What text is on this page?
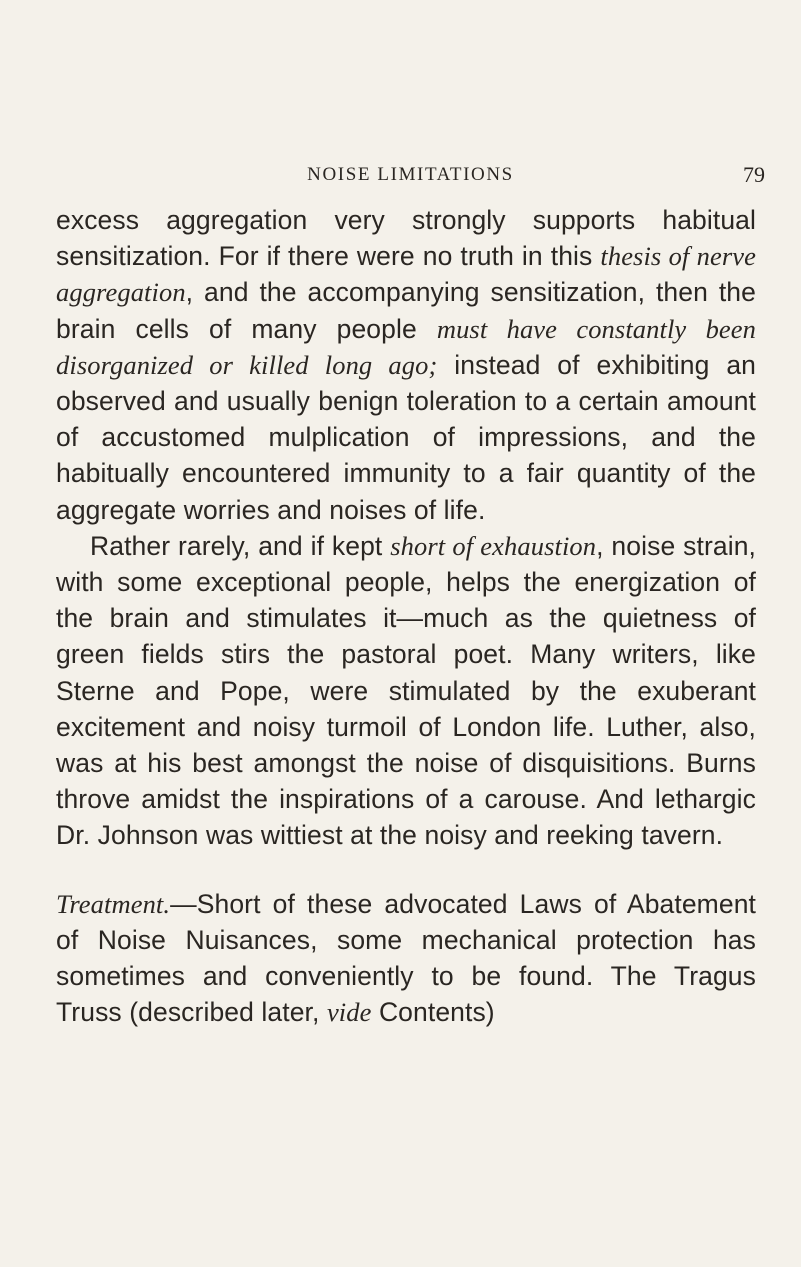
NOISE LIMITATIONS	79

excess aggregation very strongly supports habitual sensitization. For if there were no truth in this thesis of nerve aggregation, and the accompanying sensitization, then the brain cells of many people must have constantly been disorganized or killed long ago; instead of exhibiting an observed and usually benign toleration to a certain amount of accustomed mulplication of impressions, and the habitually encountered immunity to a fair quantity of the aggregate worries and noises of life.

Rather rarely, and if kept short of exhaustion, noise strain, with some exceptional people, helps the energization of the brain and stimulates it—much as the quietness of green fields stirs the pastoral poet. Many writers, like Sterne and Pope, were stimulated by the exuberant excitement and noisy turmoil of London life. Luther, also, was at his best amongst the noise of disquisitions. Burns throve amidst the inspirations of a carouse. And lethargic Dr. Johnson was wittiest at the noisy and reeking tavern.

Treatment.—Short of these advocated Laws of Abatement of Noise Nuisances, some mechanical protection has sometimes and conveniently to be found. The Tragus Truss (described later, vide Contents)
